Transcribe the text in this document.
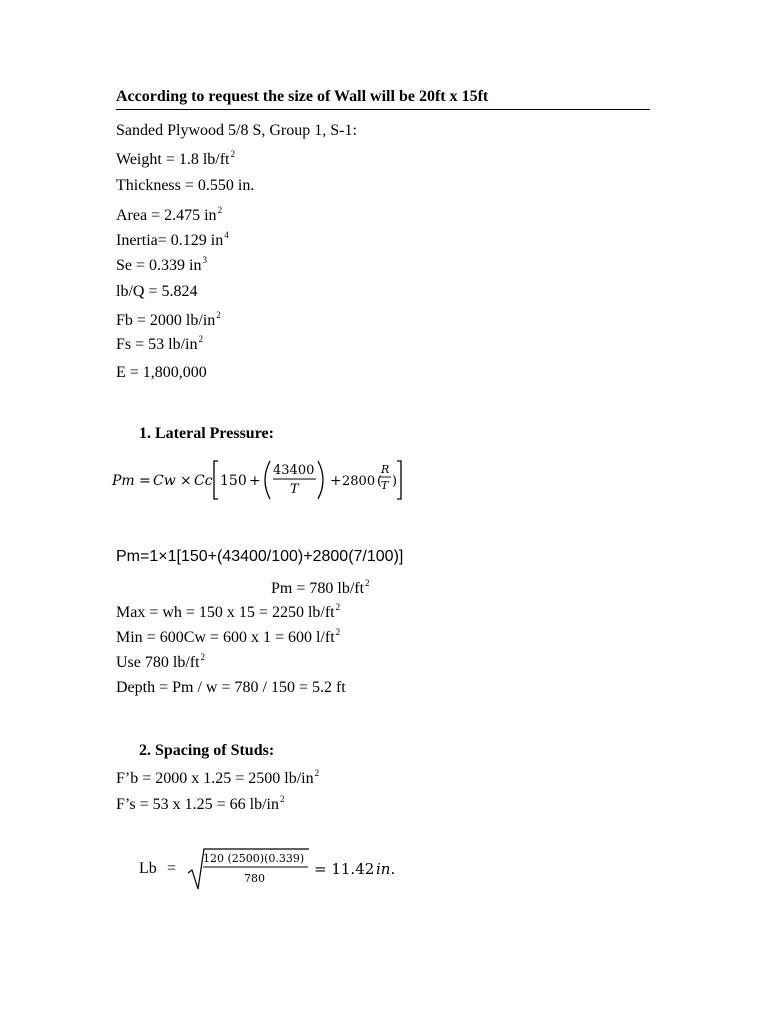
According to request the size of Wall will be 20ft x 15ft
Sanded Plywood 5/8 S, Group 1, S-1:
Weight = 1.8 $lb/ft^2$
Thickness = 0.550 in.
Area = 2.475 $in^2$
Inertia= 0.129 $in^4$
Se = 0.339 $in^3$
lb/Q = 5.824
Fb = 2000 $lb/in^2$
Fs = 53 $lb/in^2$
E = 1,800,000
1. Lateral Pressure:
Pm = Cw × Cc 150 +
43400
T
+ 2800 (
R
T )
Pm=1×1[150+(43400/100)+2800(7/100)]
Pm = 780 $lb/ft^2$
Max = wh = 150 x 15 = 2250 $lb/ft^2$
Min = 600Cw = 600 x 1 = 600 $l/ft^2$
Use 780 $lb/ft^2$
Depth = Pm / w = 780 / 150 = 5.2 ft
2. Spacing of Studs:
F’b = 2000 x 1.25 = 2500 $lb/in^2$
F’s = 53 x 1.25 = 66 $lb/in^2$
Lb =
120 (2500)(0.339)
780
= 11.42 in.
